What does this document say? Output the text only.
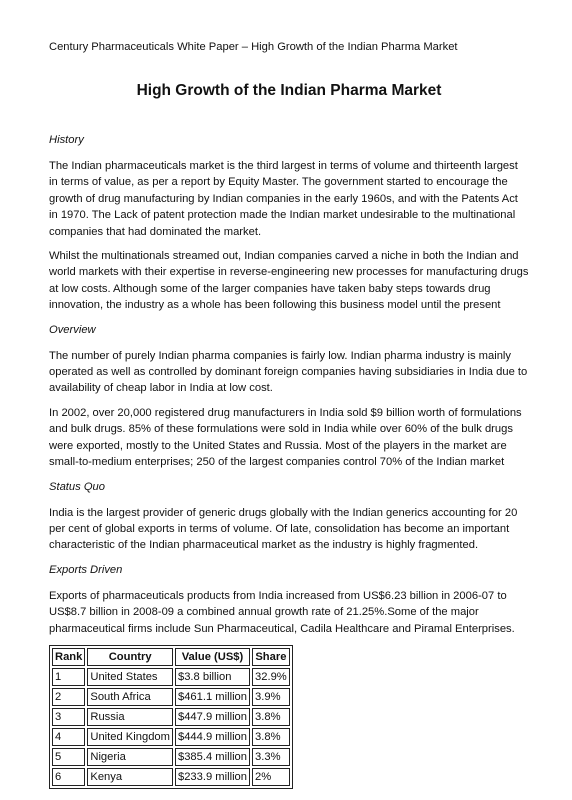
Century Pharmaceuticals White Paper – High Growth of the Indian Pharma Market
High Growth of the Indian Pharma Market
History

The Indian pharmaceuticals market is the third largest in terms of volume and thirteenth largest in terms of value, as per a report by Equity Master. The government started to encourage the growth of drug manufacturing by Indian companies in the early 1960s, and with the Patents Act in 1970. The Lack of patent protection made the Indian market undesirable to the multinational companies that had dominated the market.

Whilst the multinationals streamed out, Indian companies carved a niche in both the Indian and world markets with their expertise in reverse-engineering new processes for manufacturing drugs at low costs. Although some of the larger companies have taken baby steps towards drug innovation, the industry as a whole has been following this business model until the present

Overview

The number of purely Indian pharma companies is fairly low. Indian pharma industry is mainly operated as well as controlled by dominant foreign companies having subsidiaries in India due to availability of cheap labor in India at low cost.

In 2002, over 20,000 registered drug manufacturers in India sold $9 billion worth of formulations and bulk drugs. 85% of these formulations were sold in India while over 60% of the bulk drugs were exported, mostly to the United States and Russia. Most of the players in the market are small-to-medium enterprises; 250 of the largest companies control 70% of the Indian market

Status Quo

India is the largest provider of generic drugs globally with the Indian generics accounting for 20 per cent of global exports in terms of volume. Of late, consolidation has become an important characteristic of the Indian pharmaceutical market as the industry is highly fragmented.

Exports Driven

Exports of pharmaceuticals products from India increased from US$6.23 billion in 2006-07 to US$8.7 billion in 2008-09 a combined annual growth rate of 21.25%.Some of the major pharmaceutical firms include Sun Pharmaceutical, Cadila Healthcare and Piramal Enterprises.

Rank	Country	Value (US$)	Share
1	United States	$3.8 billion	32.9%
2	South Africa	$461.1 million	3.9%
3	Russia	$447.9 million	3.8%
4	United Kingdom	$444.9 million	3.8%
5	Nigeria	$385.4 million	3.3%
6	Kenya	$233.9 million	2%
